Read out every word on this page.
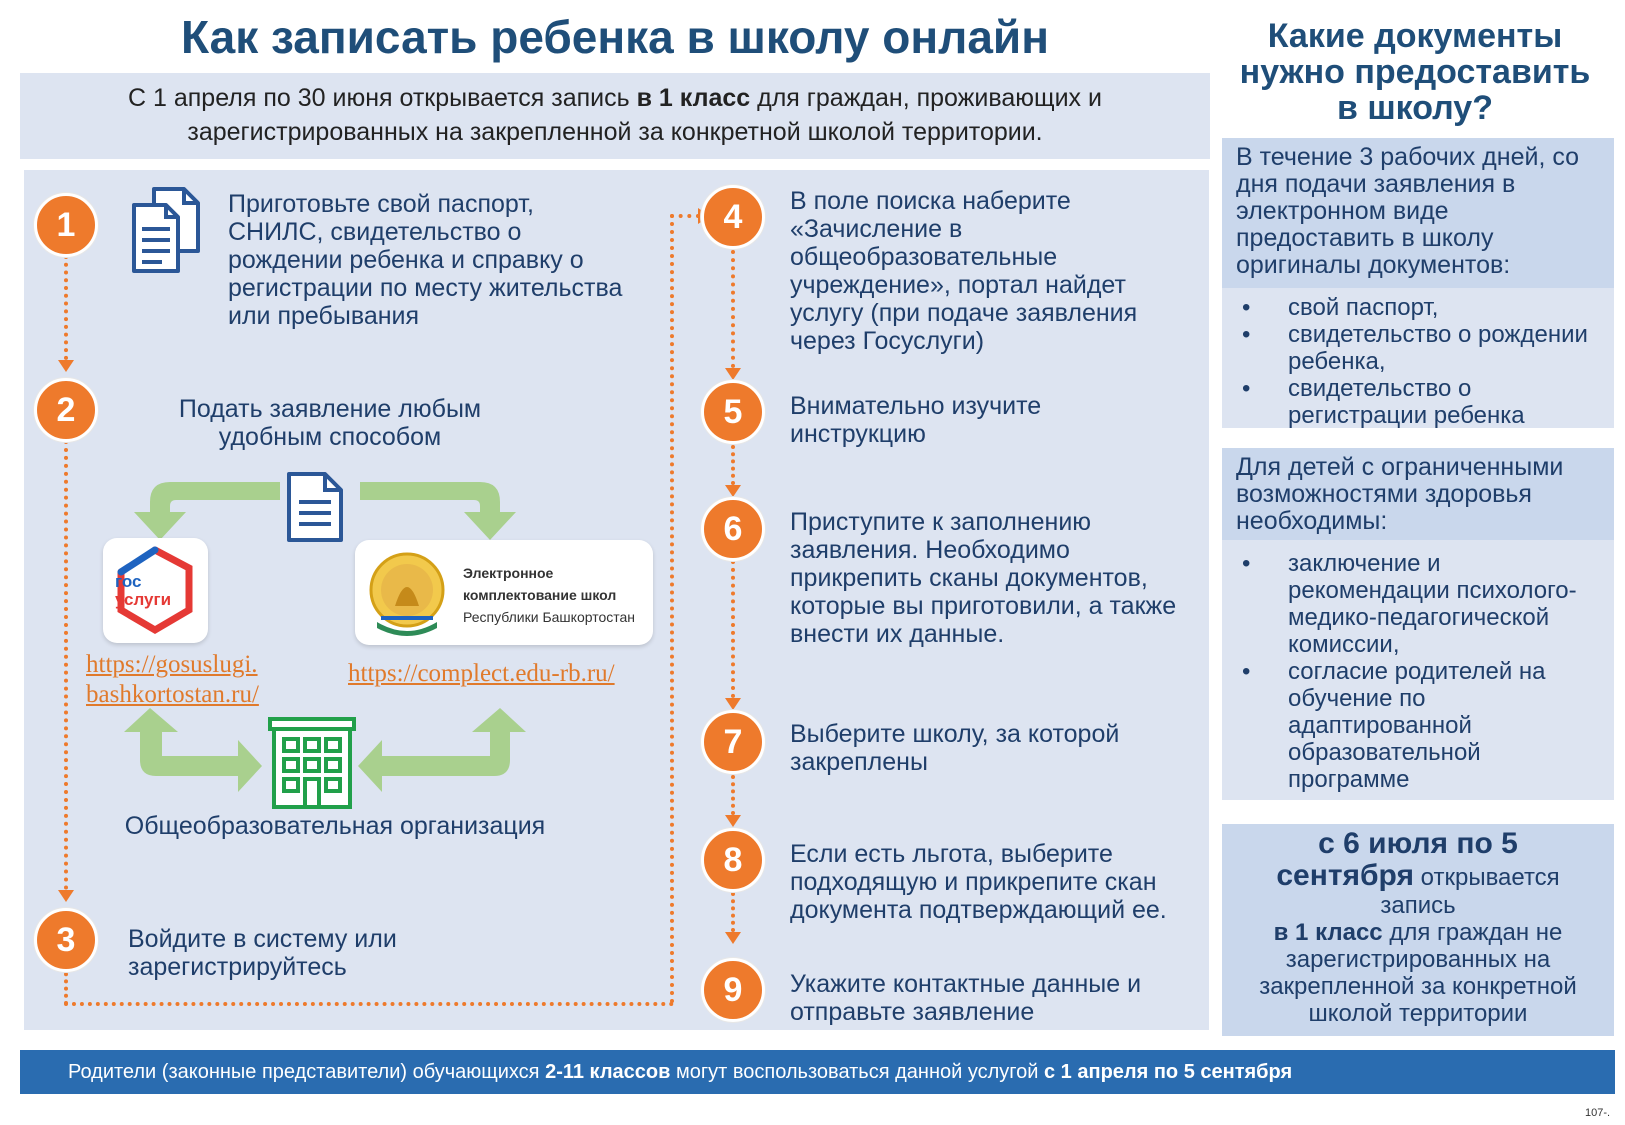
Как записать ребенка в школу онлайн
С 1 апреля по 30 июня открывается запись в 1 класс для граждан, проживающих и зарегистрированных на закрепленной за конкретной школой территории.
1
2
3
4
5
6
7
8
9
Приготовьте свой паспорт, СНИЛС, свидетельство о рождении ребенка и справку о регистрации по месту жительства или пребывания
Подать заявление любым удобным способом
Войдите в систему или зарегистрируйтесь
В поле поиска наберите «Зачисление в общеобразовательные учреждение», портал найдет услугу (при подаче заявления через Госуслуги)
Внимательно изучите инструкцию
Приступите к заполнению заявления. Необходимо прикрепить сканы документов, которые вы приготовили, а также внести их данные.
Выберите школу, за которой закреплены
Если есть льгота, выберите подходящую и прикрепите скан документа подтверждающий ее.
Укажите контактные данные и отправьте заявление
гос
услуги
https://gosuslugi.
bashkortostan.ru/
Электронное
комплектование школ
Республики Башкортостан
https://complect.edu-rb.ru/
Общеобразовательная организация
Какие документы нужно предоставить в школу?
В течение 3 рабочих дней, со дня подачи заявления в электронном виде предоставить в школу оригиналы документов:
• свой паспорт,
• свидетельство о рождении ребенка,
• свидетельство о регистрации ребенка
Для детей с ограниченными возможностями здоровья необходимы:
• заключение и рекомендации психолого-медико-педагогической комиссии,
• согласие родителей на обучение по адаптированной образовательной программе
с 6 июля по 5 сентября открывается запись
в 1 класс для граждан не зарегистрированных на закрепленной за конкретной школой территории
Родители (законные представители) обучающихся
2-11 классов
могут воспользоваться данной услугой
с 1 апреля по 5 сентября
107-.
